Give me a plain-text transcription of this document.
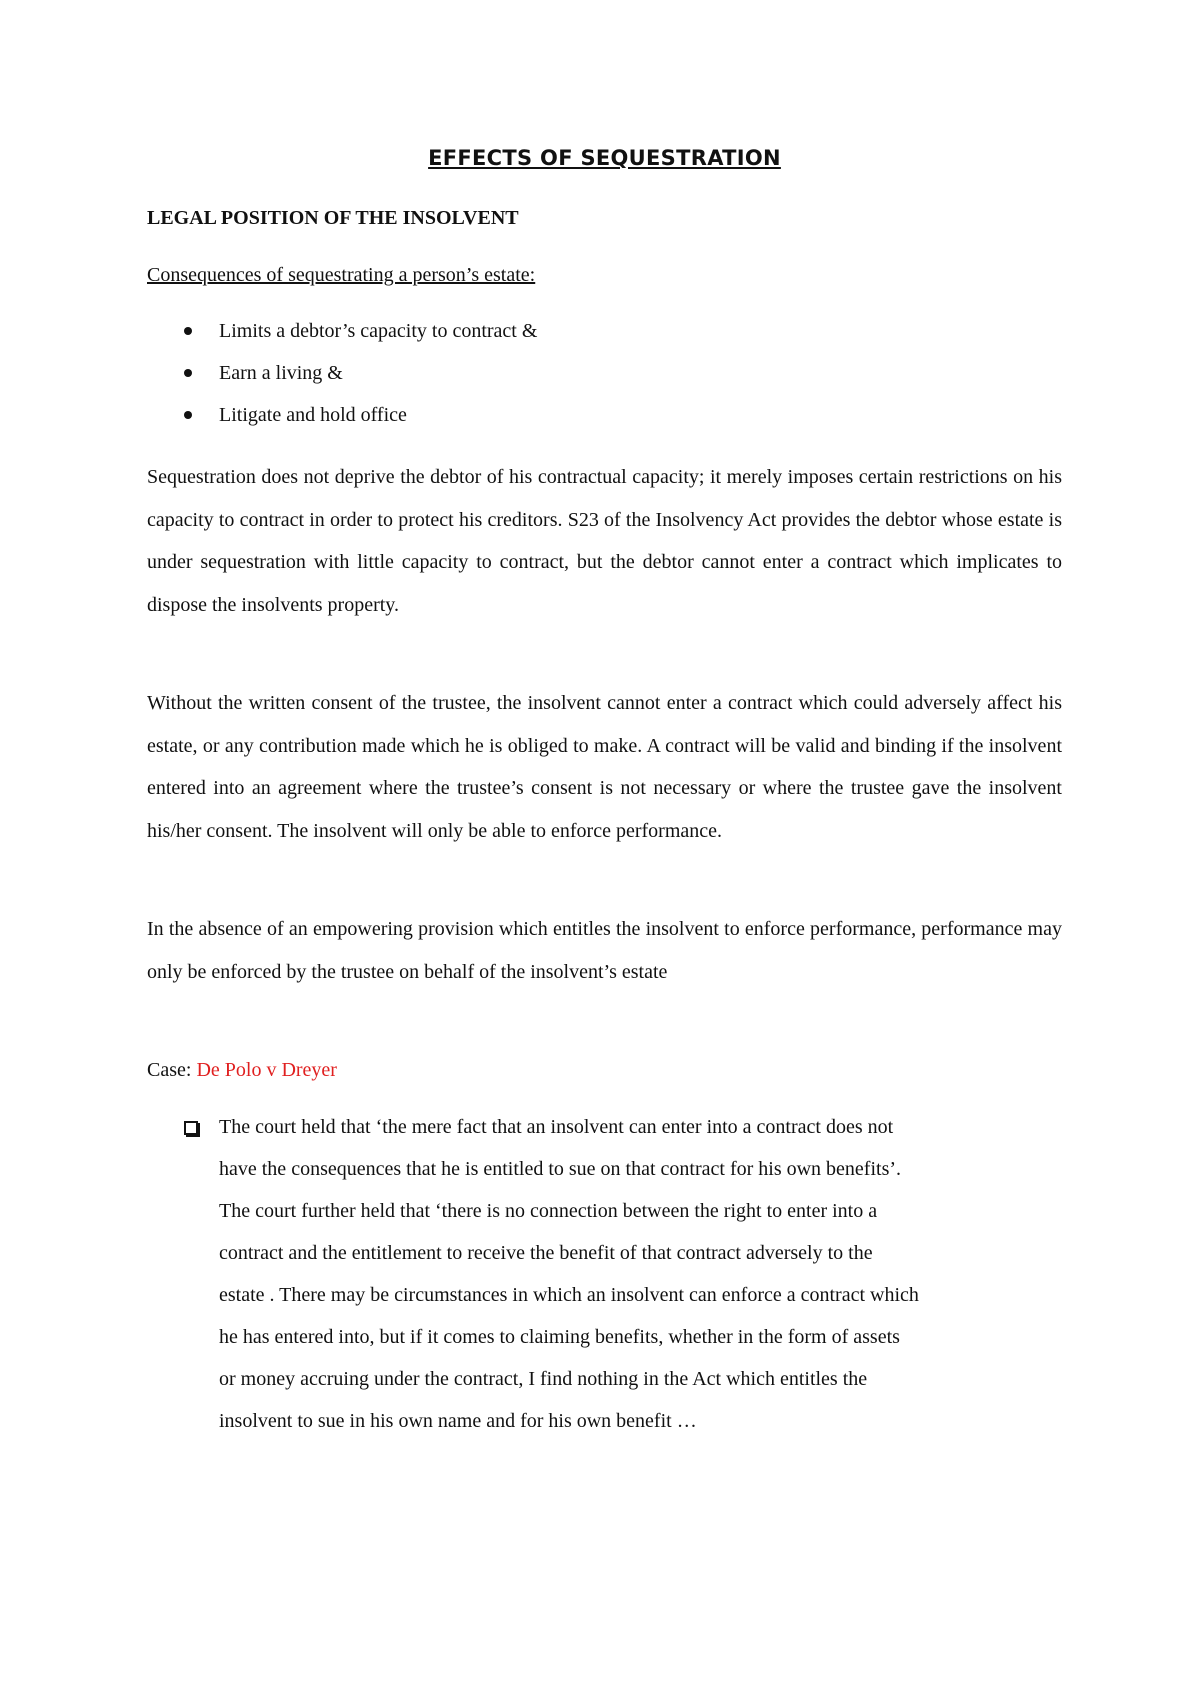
EFFECTS OF SEQUESTRATION
LEGAL POSITION OF THE INSOLVENT

Consequences of sequestrating a person’s estate:

Limits a debtor’s capacity to contract &
Earn a living &
Litigate and hold office

Sequestration does not deprive the debtor of his contractual capacity; it merely imposes certain restrictions on his capacity to contract in order to protect his creditors. S23 of the Insolvency Act provides the debtor whose estate is under sequestration with little capacity to contract, but the debtor cannot enter a contract which implicates to dispose the insolvents property.

Without the written consent of the trustee, the insolvent cannot enter a contract which could adversely affect his estate, or any contribution made which he is obliged to make. A contract will be valid and binding if the insolvent entered into an agreement where the trustee’s consent is not necessary or where the trustee gave the insolvent his/her consent. The insolvent will only be able to enforce performance.

In the absence of an empowering provision which entitles the insolvent to enforce performance, performance may only be enforced by the trustee on behalf of the insolvent’s estate

Case: De Polo v Dreyer

The court held that ‘the mere fact that an insolvent can enter into a contract does not have the consequences that he is entitled to sue on that contract for his own benefits’. The court further held that ‘there is no connection between the right to enter into a contract and the entitlement to receive the benefit of that contract adversely to the estate . There may be circumstances in which an insolvent can enforce a contract which he has entered into, but if it comes to claiming benefits, whether in the form of assets or money accruing under the contract, I find nothing in the Act which entitles the insolvent to sue in his own name and for his own benefit …
